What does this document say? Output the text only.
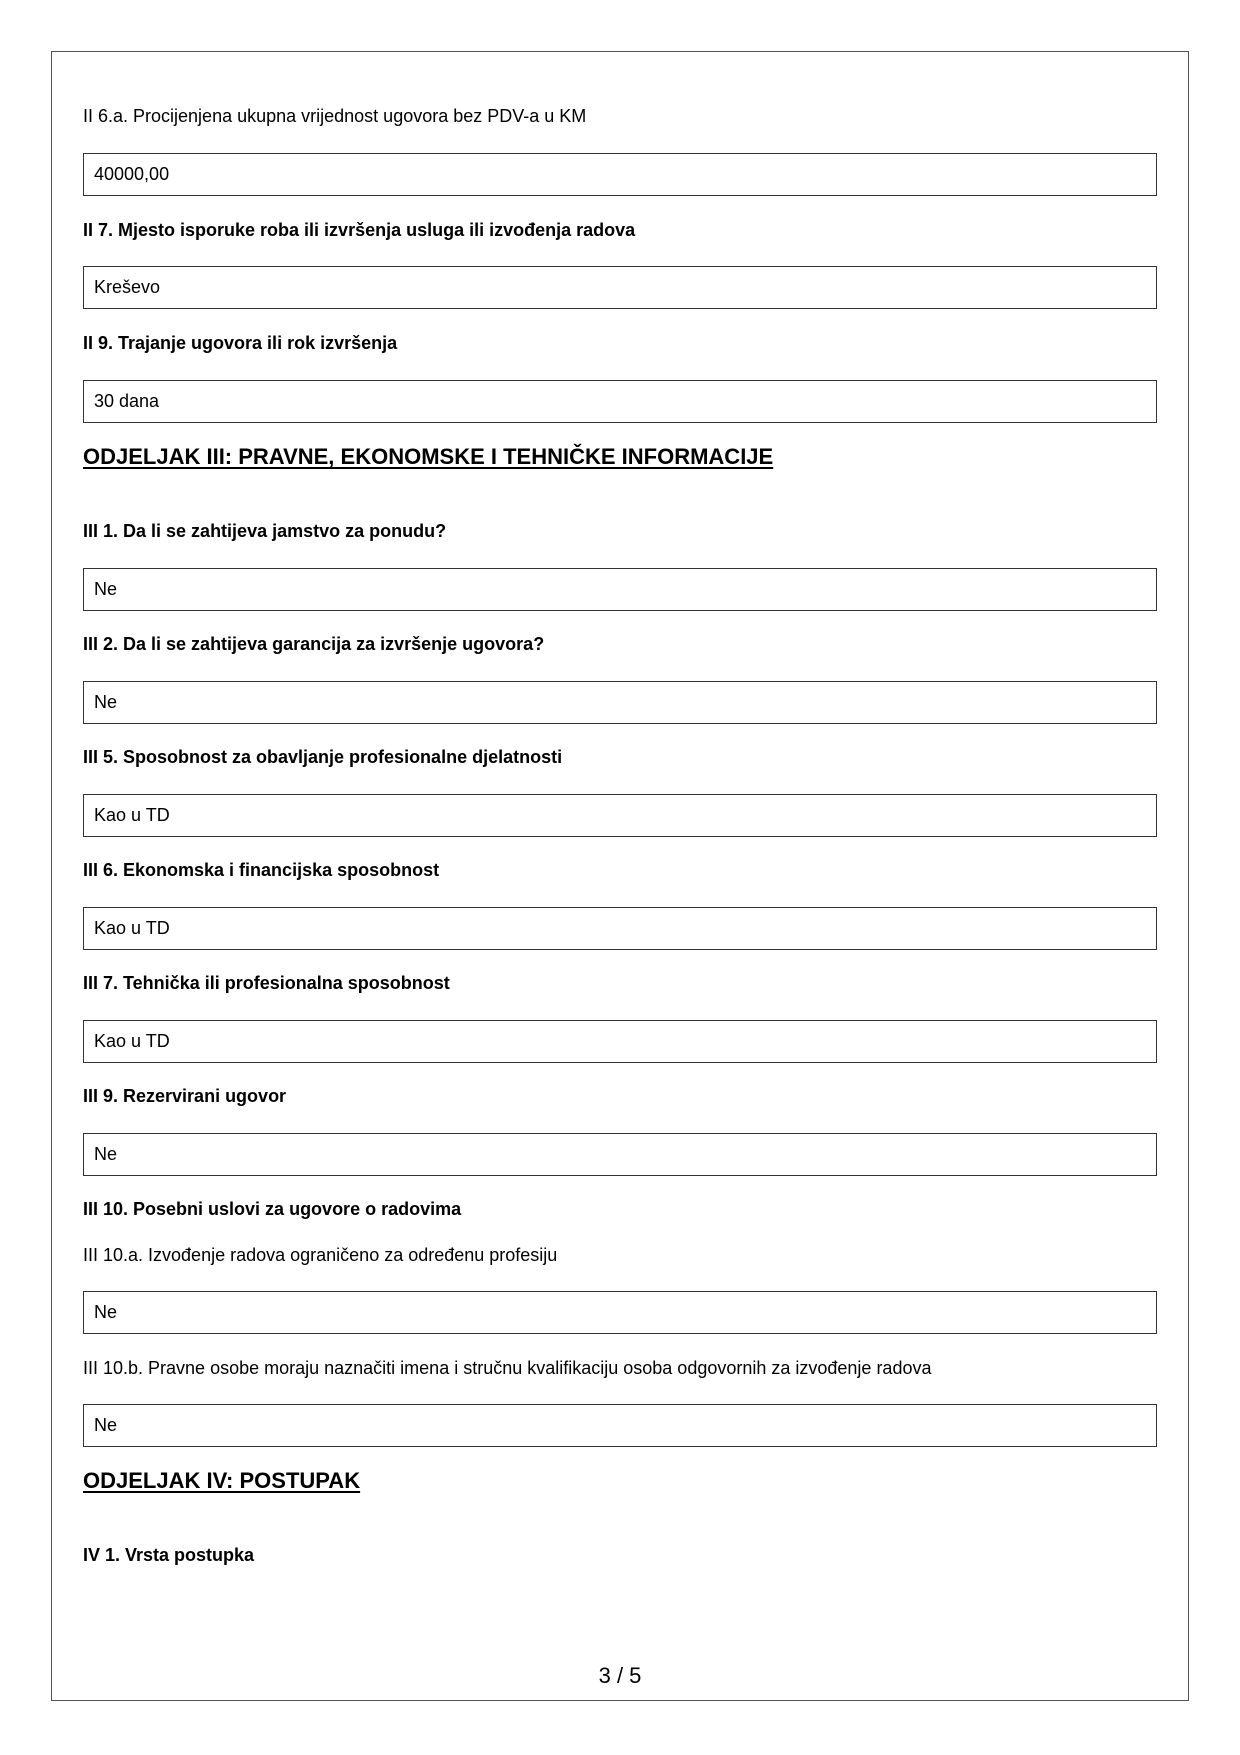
II 6.a. Procijenjena ukupna vrijednost ugovora bez PDV-a u KM
40000,00
II 7. Mjesto isporuke roba ili izvršenja usluga ili izvođenja radova
Kreševo
II 9. Trajanje ugovora ili rok izvršenja
30 dana
ODJELJAK III: PRAVNE, EKONOMSKE I TEHNIČKE INFORMACIJE
III 1. Da li se zahtijeva jamstvo za ponudu?
Ne
III 2. Da li se zahtijeva garancija za izvršenje ugovora?
Ne
III 5. Sposobnost za obavljanje profesionalne djelatnosti
Kao u TD
III 6. Ekonomska i financijska sposobnost
Kao u TD
III 7. Tehnička ili profesionalna sposobnost
Kao u TD
III 9. Rezervirani ugovor
Ne
III 10. Posebni uslovi za ugovore o radovima
III 10.a. Izvođenje radova ograničeno za određenu profesiju
Ne
III 10.b. Pravne osobe moraju naznačiti imena i stručnu kvalifikaciju osoba odgovornih za izvođenje radova
Ne
ODJELJAK IV: POSTUPAK
IV 1. Vrsta postupka
3 / 5
